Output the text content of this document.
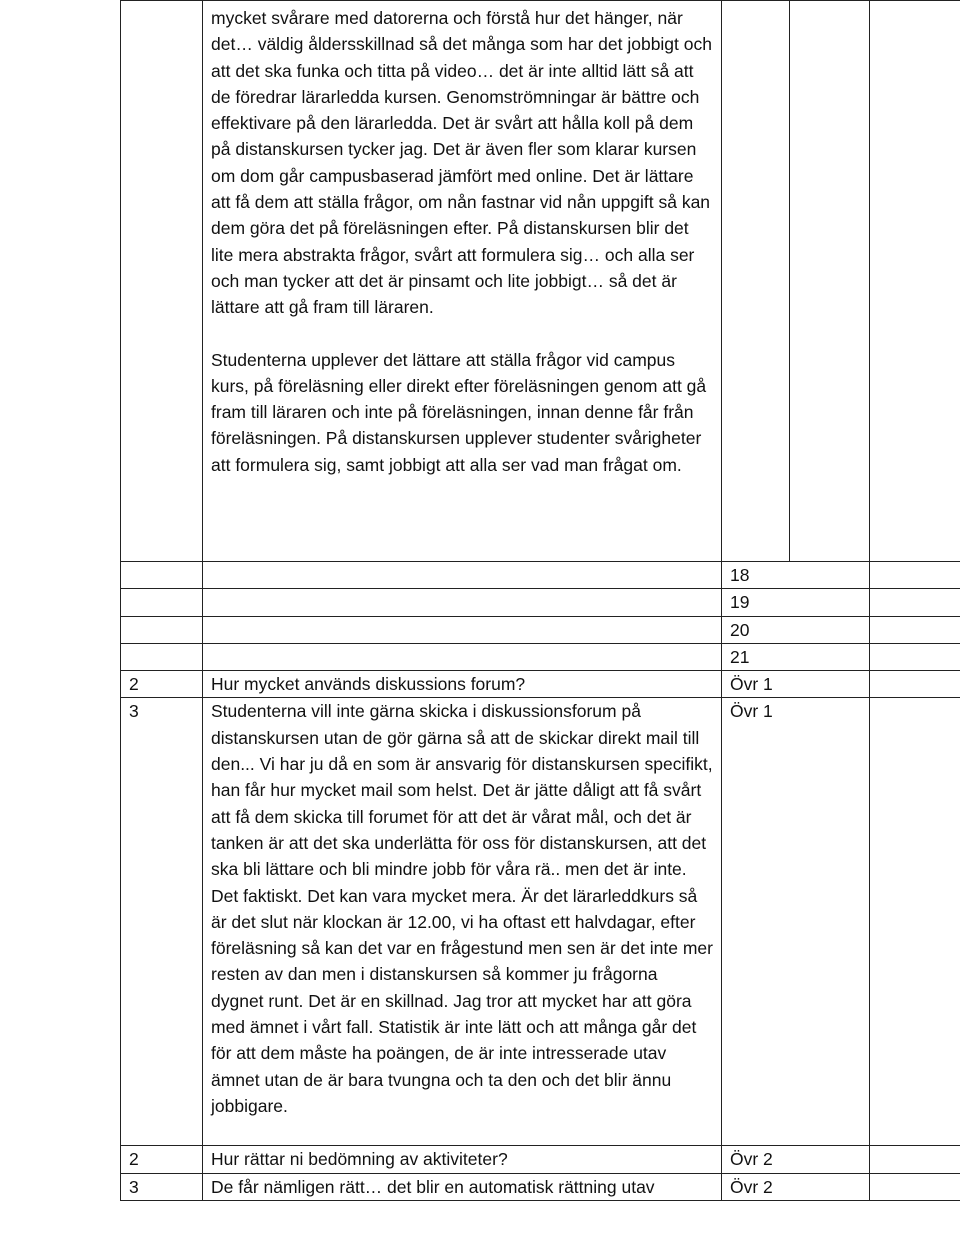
	mycket svårare med datorerna och förstå hur det hänger, när det… väldig åldersskillnad så det många som har det jobbigt och att det ska funka och titta på video… det är inte alltid lätt så att de föredrar lärarledda kursen. Genomströmningar är bättre och effektivare på den lärarledda. Det är svårt att hålla koll på dem på distanskursen tycker jag. Det är även fler som klarar kursen om dom går campusbaserad jämfört med online. Det är lättare att få dem att ställa frågor, om nån fastnar vid nån uppgift så kan dem göra det på föreläsningen efter. På distanskursen blir det lite mera abstrakta frågor, svårt att formulera sig… och alla ser och man tycker att det är pinsamt och lite jobbigt… så det är lättare att gå fram till läraren.
Studenterna upplever det lättare att ställa frågor vid campus kurs, på föreläsning eller direkt efter föreläsningen genom att gå fram till läraren och inte på föreläsningen, innan denne får från föreläsningen. På distanskursen upplever studenter svårigheter att formulera sig, samt jobbigt att alla ser vad man frågat om.			

		18		
		19		
		20		
		21		
2	Hur mycket används diskussions forum?	Övr 1		
3	Studenterna vill inte gärna skicka i diskussionsforum på distanskursen utan de gör gärna så att de skickar direkt mail till den... Vi har ju då en som är ansvarig för distanskursen specifikt, han får hur mycket mail som helst. Det är jätte dåligt att få svårt att få dem skicka till forumet för att det är vårat mål, och det är tanken är att det ska underlätta för oss för distanskursen, att det ska bli lättare och bli mindre jobb för våra rä.. men det är inte. Det faktiskt. Det kan vara mycket mera. Är det lärarleddkurs så är det slut när klockan är 12.00, vi ha oftast ett halvdagar, efter föreläsning så kan det var en frågestund men sen är det inte mer resten av dan men i distanskursen så kommer ju frågorna dygnet runt. Det är en skillnad. Jag tror att mycket har att göra med ämnet i vårt fall. Statistik är inte lätt och att många går det för att dem måste ha poängen, de är inte intresserade utav ämnet utan de är bara tvungna och ta den och det blir ännu jobbigare.	Övr 1		
2	Hur rättar ni bedömning av aktiviteter?	Övr 2		
3	De får nämligen rätt… det blir en automatisk rättning utav	Övr 2		
